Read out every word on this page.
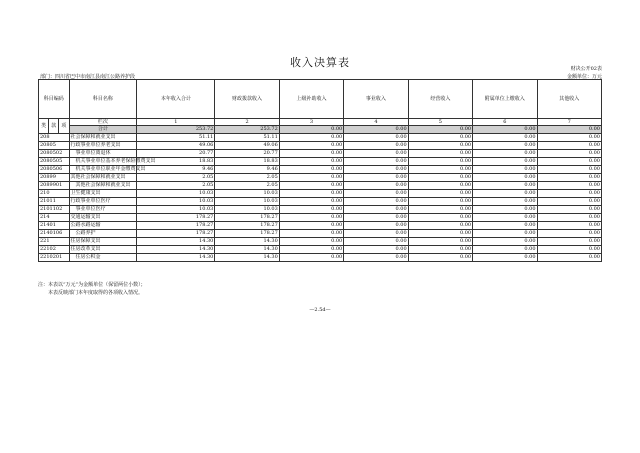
收入决算表	财决公开02表
部门：四川省巴中市南江县南江公路养护段	金额单位：万元
科目编码			科目名称	本年收入合计	财政拨款收入	上级补助收入	事业收入	经营收入	附属单位上缴收入	其他收入
类	款	项	栏次	1	2	3	4	5	6	7
			合计	253.72	253.72	0.00	0.00	0.00	0.00	0.00
208			社会保障和就业支出	51.11	51.11	0.00	0.00	0.00	0.00	0.00
20805			行政事业单位养老支出	49.06	49.06	0.00	0.00	0.00	0.00	0.00
2080502			事业单位离退休	20.77	20.77	0.00	0.00	0.00	0.00	0.00
2080505			机关事业单位基本养老保险缴费支出	18.83	18.83	0.00	0.00	0.00	0.00	0.00
2080506			机关事业单位职业年金缴费支出	9.46	9.46	0.00	0.00	0.00	0.00	0.00
20899			其他社会保障和就业支出	2.05	2.05	0.00	0.00	0.00	0.00	0.00
2089901			其他社会保障和就业支出	2.05	2.05	0.00	0.00	0.00	0.00	0.00
210			卫生健康支出	10.03	10.03	0.00	0.00	0.00	0.00	0.00
21011			行政事业单位医疗	10.03	10.03	0.00	0.00	0.00	0.00	0.00
2101102			事业单位医疗	10.03	10.03	0.00	0.00	0.00	0.00	0.00
214			交通运输支出	178.27	178.27	0.00	0.00	0.00	0.00	0.00
21401			公路水路运输	178.27	178.27	0.00	0.00	0.00	0.00	0.00
2140106			公路养护	178.27	178.27	0.00	0.00	0.00	0.00	0.00
221			住房保障支出	14.30	14.30	0.00	0.00	0.00	0.00	0.00
22102			住房改革支出	14.30	14.30	0.00	0.00	0.00	0.00	0.00
2210201			住房公积金	14.30	14.30	0.00	0.00	0.00	0.00	0.00
注：本表以“万元”为金额单位（保留两位小数）；
本表反映部门本年度取得的各项收入情况。
—2.5d—
